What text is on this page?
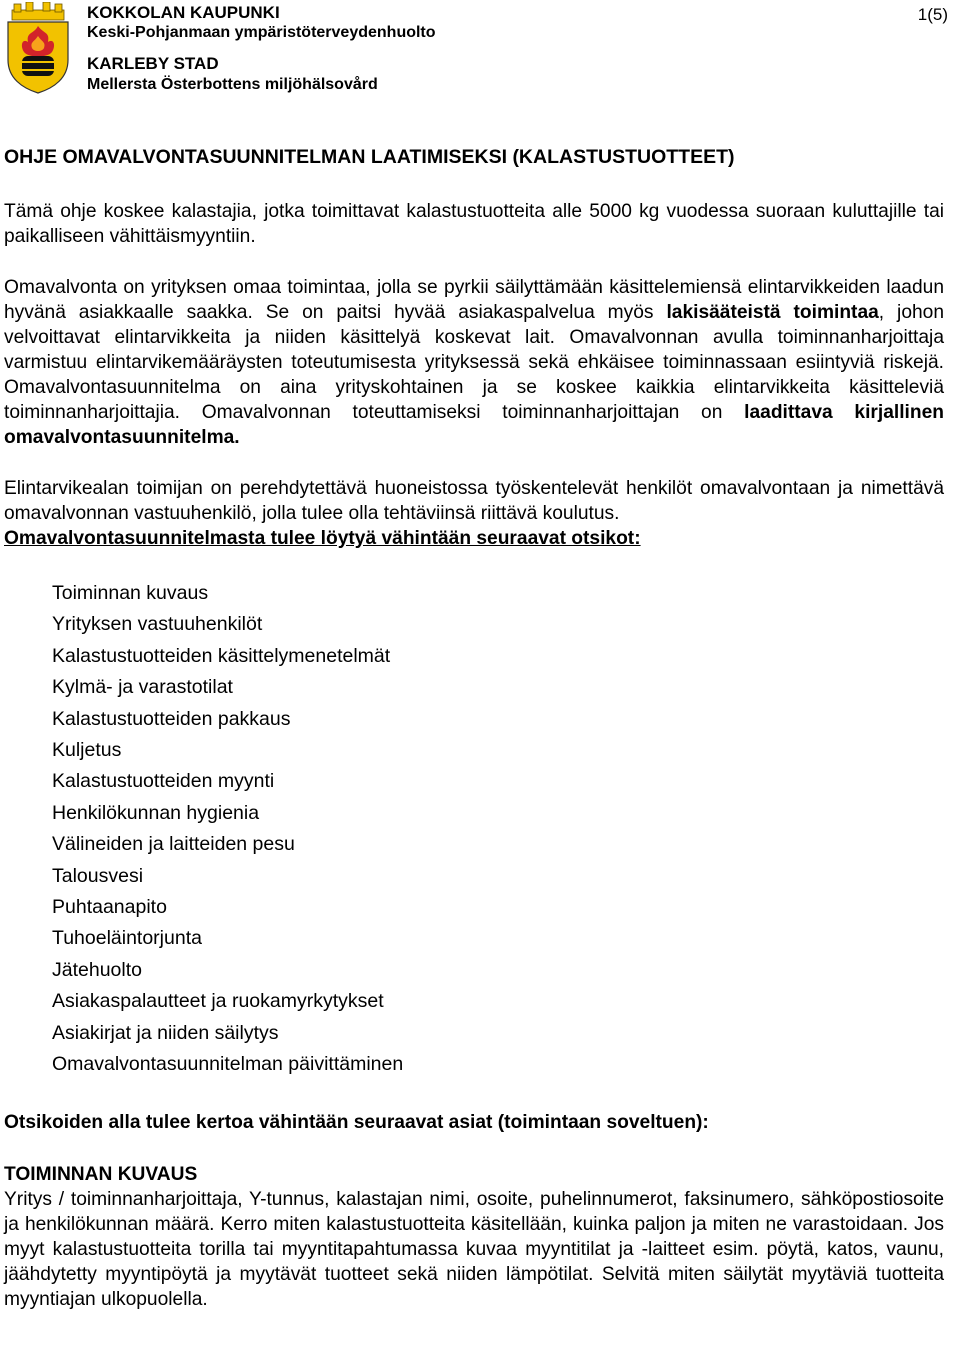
KOKKOLAN KAUPUNKI
Keski-Pohjanmaan ympäristöterveydenhuolto
KARLEBY STAD
Mellersta Österbottens miljöhälsovård
1(5)
OHJE OMAVALVONTASUUNNITELMAN LAATIMISEKSI (KALASTUSTUOTTEET)

Tämä ohje koskee kalastajia, jotka toimittavat kalastustuotteita alle 5000 kg vuodessa suoraan kuluttajille tai paikalliseen vähittäismyyntiin.

Omavalvonta on yrityksen omaa toimintaa, jolla se pyrkii säilyttämään käsittelemiensä elintarvikkeiden laadun hyvänä asiakkaalle saakka. Se on paitsi hyvää asiakaspalvelua myös lakisääteistä toimintaa, johon velvoittavat elintarvikkeita ja niiden käsittelyä koskevat lait. Omavalvonnan avulla toiminnanharjoittaja varmistuu elintarvikemääräysten toteutumisesta yrityksessä sekä ehkäisee toiminnassaan esiintyviä riskejä. Omavalvontasuunnitelma on aina yrityskohtainen ja se koskee kaikkia elintarvikkeita käsitteleviä toiminnanharjoittajia. Omavalvonnan toteuttamiseksi toiminnanharjoittajan on laadittava kirjallinen omavalvontasuunnitelma.

Elintarvikealan toimijan on perehdytettävä huoneistossa työskentelevät henkilöt omavalvontaan ja nimettävä omavalvonnan vastuuhenkilö, jolla tulee olla tehtäviinsä riittävä koulutus.

Omavalvontasuunnitelmasta tulee löytyä vähintään seuraavat otsikot:

Toiminnan kuvaus
Yrityksen vastuuhenkilöt
Kalastustuotteiden käsittelymenetelmät
Kylmä- ja varastotilat
Kalastustuotteiden pakkaus
Kuljetus
Kalastustuotteiden myynti
Henkilökunnan hygienia
Välineiden ja laitteiden pesu
Talousvesi
Puhtaanapito
Tuhoeläintorjunta
Jätehuolto
Asiakaspalautteet ja ruokamyrkytykset
Asiakirjat ja niiden säilytys
Omavalvontasuunnitelman päivittäminen

Otsikoiden alla tulee kertoa vähintään seuraavat asiat (toimintaan soveltuen):

TOIMINNAN KUVAUS

Yritys / toiminnanharjoittaja, Y-tunnus, kalastajan nimi, osoite, puhelinnumerot, faksinumero, sähköpostiosoite ja henkilökunnan määrä. Kerro miten kalastustuotteita käsitellään, kuinka paljon ja miten ne varastoidaan. Jos myyt kalastustuotteita torilla tai myyntitapahtumassa kuvaa myyntitilat ja -laitteet esim. pöytä, katos, vaunu, jäähdytetty myyntipöytä ja myytävät tuotteet sekä niiden lämpötilat. Selvitä miten säilytät myytäviä tuotteita myyntiajan ulkopuolella.
